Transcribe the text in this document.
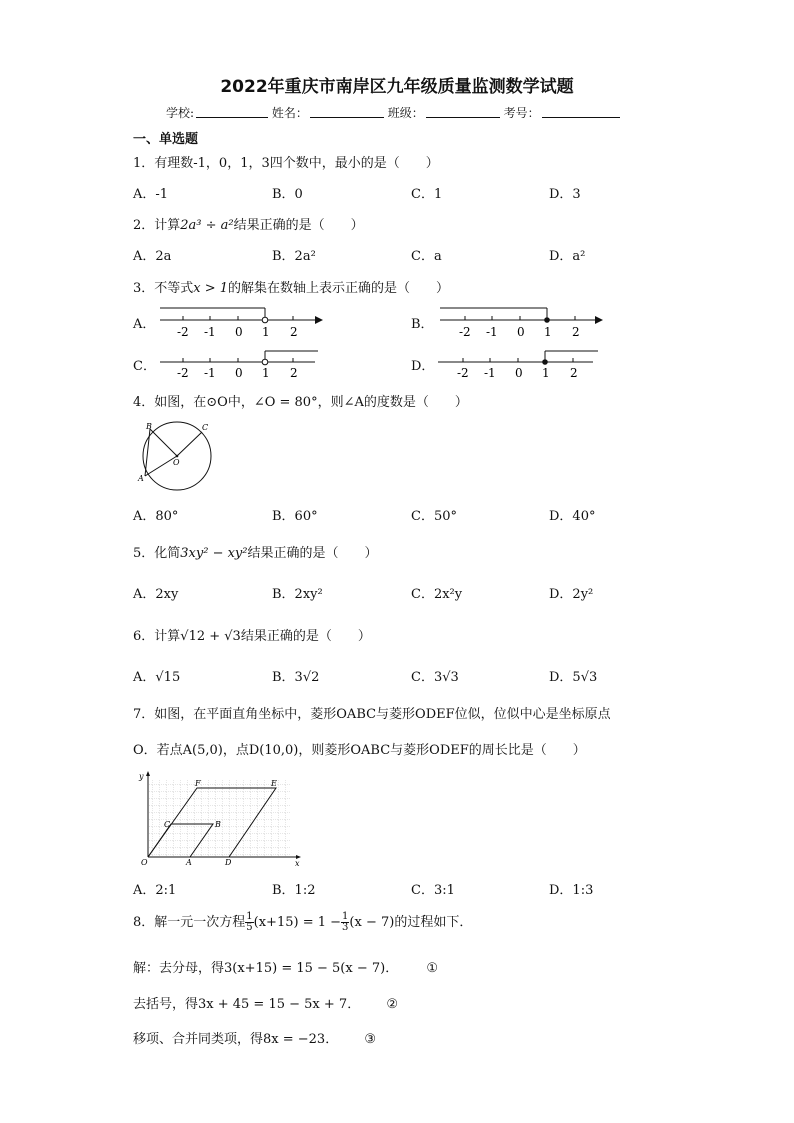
2022年重庆市南岸区九年级质量监测数学试题
学校:	姓名：	班级：	考号：
一、单选题
1．有理数-1，0，1，3四个数中，最小的是（　　）
A．-1	B．0	C．1	D．3
2．计算2a³ ÷ a²结果正确的是（　　）
A．2a	B．2a²	C．a	D．a²
3．不等式x > 1的解集在数轴上表示正确的是（　　）
A．	B．
C．	D．
-2 -1 0 1 2	-2 -1 0 1 2
-2 -1 0 1 2	-2 -1 0 1 2
4．如图，在⊙O中，∠O = 80°，则∠A的度数是（　　）
B	C
O
A
A．80°	B．60°	C．50°	D．40°
5．化简3xy² − xy²结果正确的是（　　）
A．2xy	B．2xy²	C．2x²y	D．2y²
6．计算√12 + √3结果正确的是（　　）
A．√15	B．3√2	C．3√3	D．5√3
7．如图，在平面直角坐标中，菱形OABC与菱形ODEF位似，位似中心是坐标原点
O．若点A(5,0)，点D(10,0)，则菱形OABC与菱形ODEF的周长比是（　　）
y
F	E
C	B
O	A	D	x
A．2:1	B．1:2	C．3:1	D．1:3
8．解一元一次方程 $\frac{1}{5} (x+15) = 1 - \frac{1}{3} (x - 7)$的过程如下．
解：去分母，得3(x+15) = 15 − 5(x − 7)． ①
去括号，得3x + 45 = 15 − 5x + 7． ②
移项、合并同类项，得8x = −23． ③
